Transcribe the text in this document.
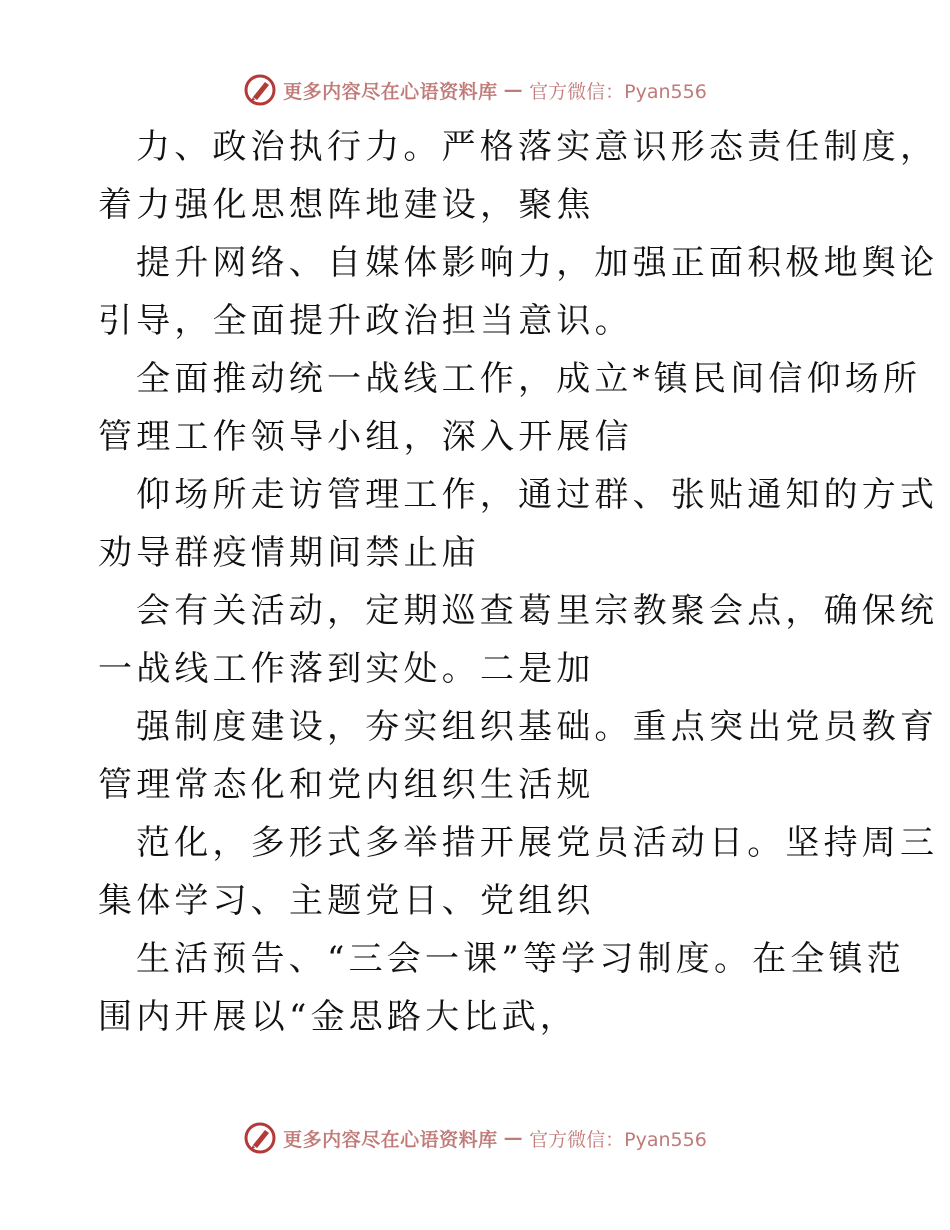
更多内容尽在心语资料库 — 官方微信：Pyan556
力、政治执行力。严格落实意识形态责任制度，
着力强化思想阵地建设，聚焦
提升网络、自媒体影响力，加强正面积极地舆论
引导，全面提升政治担当意识。
全面推动统一战线工作，成立*镇民间信仰场所
管理工作领导小组，深入开展信
仰场所走访管理工作，通过群、张贴通知的方式
劝导群疫情期间禁止庙
会有关活动，定期巡查葛里宗教聚会点，确保统
一战线工作落到实处。二是加
强制度建设，夯实组织基础。重点突出党员教育
管理常态化和党内组织生活规
范化，多形式多举措开展党员活动日。坚持周三
集体学习、主题党日、党组织
生活预告、“三会一课”等学习制度。在全镇范
围内开展以“金思路大比武，
更多内容尽在心语资料库 — 官方微信：Pyan556
